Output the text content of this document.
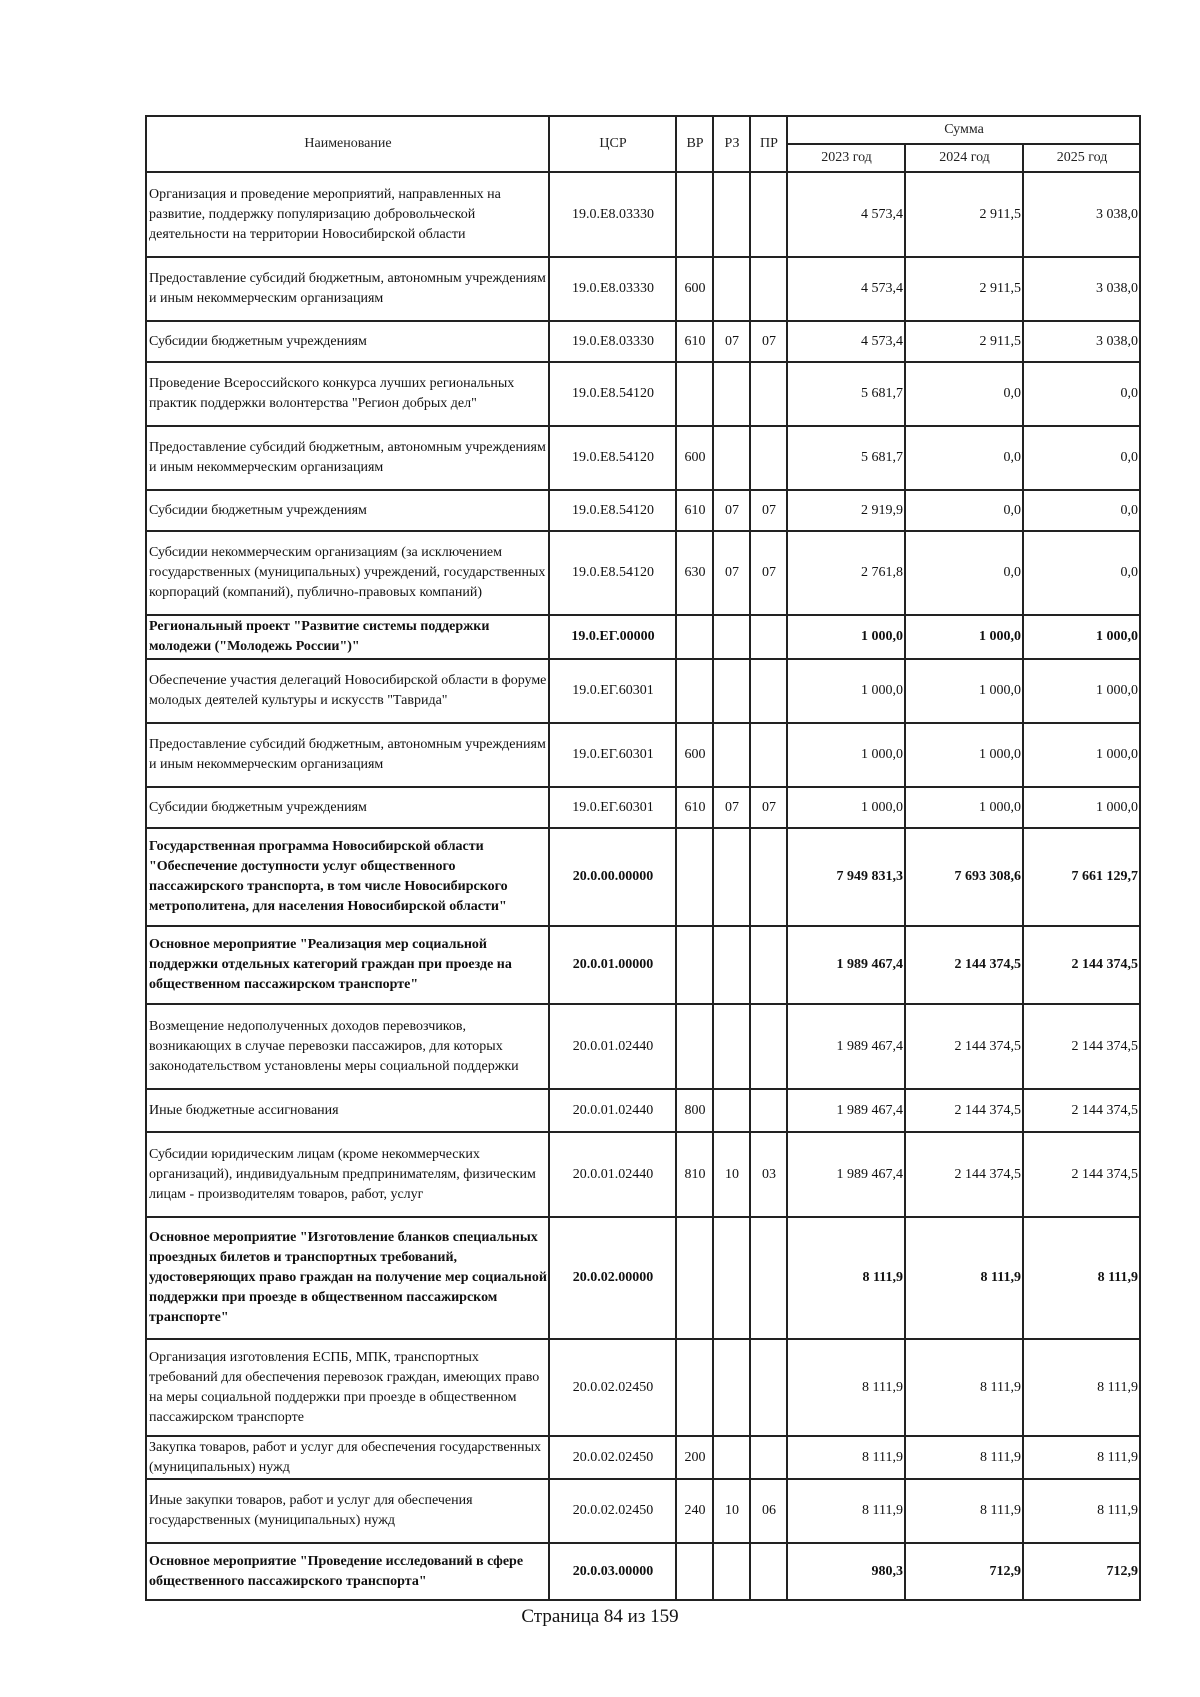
Наименование	ЦСР	ВР	РЗ	ПР	Сумма		
					2023 год	2024 год	2025 год
Организация и проведение мероприятий, направленных на развитие, поддержку популяризацию добровольческой деятельности на территории Новосибирской области	19.0.Е8.03330				4 573,4	2 911,5	3 038,0
Предоставление субсидий бюджетным, автономным учреждениям и иным некоммерческим организациям	19.0.Е8.03330	600			4 573,4	2 911,5	3 038,0
Субсидии бюджетным учреждениям	19.0.Е8.03330	610	07	07	4 573,4	2 911,5	3 038,0
Проведение Всероссийского конкурса лучших региональных практик поддержки волонтерства "Регион добрых дел"	19.0.Е8.54120				5 681,7	0,0	0,0
Предоставление субсидий бюджетным, автономным учреждениям и иным некоммерческим организациям	19.0.Е8.54120	600			5 681,7	0,0	0,0
Субсидии бюджетным учреждениям	19.0.Е8.54120	610	07	07	2 919,9	0,0	0,0
Субсидии некоммерческим организациям (за исключением государственных (муниципальных) учреждений, государственных корпораций (компаний), публично-правовых компаний)	19.0.Е8.54120	630	07	07	2 761,8	0,0	0,0
Региональный проект "Развитие системы поддержки молодежи ("Молодежь России")"	19.0.ЕГ.00000				1 000,0	1 000,0	1 000,0
Обеспечение участия делегаций Новосибирской области в форуме молодых деятелей культуры и искусств "Таврида"	19.0.ЕГ.60301				1 000,0	1 000,0	1 000,0
Предоставление субсидий бюджетным, автономным учреждениям и иным некоммерческим организациям	19.0.ЕГ.60301	600			1 000,0	1 000,0	1 000,0
Субсидии бюджетным учреждениям	19.0.ЕГ.60301	610	07	07	1 000,0	1 000,0	1 000,0
Государственная программа Новосибирской области "Обеспечение доступности услуг общественного пассажирского транспорта, в том числе Новосибирского метрополитена, для населения Новосибирской области"	20.0.00.00000				7 949 831,3	7 693 308,6	7 661 129,7
Основное мероприятие "Реализация мер социальной поддержки отдельных категорий граждан при проезде на общественном пассажирском транспорте"	20.0.01.00000				1 989 467,4	2 144 374,5	2 144 374,5
Возмещение недополученных доходов перевозчиков, возникающих в случае перевозки пассажиров, для которых законодательством установлены меры социальной поддержки	20.0.01.02440				1 989 467,4	2 144 374,5	2 144 374,5
Иные бюджетные ассигнования	20.0.01.02440	800			1 989 467,4	2 144 374,5	2 144 374,5
Субсидии юридическим лицам (кроме некоммерческих организаций), индивидуальным предпринимателям, физическим лицам - производителям товаров, работ, услуг	20.0.01.02440	810	10	03	1 989 467,4	2 144 374,5	2 144 374,5
Основное мероприятие "Изготовление бланков специальных проездных билетов и транспортных требований, удостоверяющих право граждан на получение мер социальной поддержки при проезде в общественном пассажирском транспорте"	20.0.02.00000				8 111,9	8 111,9	8 111,9
Организация изготовления ЕСПБ, МПК, транспортных требований для обеспечения перевозок граждан, имеющих право на меры социальной поддержки при проезде в общественном пассажирском транспорте	20.0.02.02450				8 111,9	8 111,9	8 111,9
Закупка товаров, работ и услуг для обеспечения государственных (муниципальных) нужд	20.0.02.02450	200			8 111,9	8 111,9	8 111,9
Иные закупки товаров, работ и услуг для обеспечения государственных (муниципальных) нужд	20.0.02.02450	240	10	06	8 111,9	8 111,9	8 111,9
Основное мероприятие "Проведение исследований в сфере общественного пассажирского транспорта"	20.0.03.00000				980,3	712,9	712,9
Страница 84 из 159
